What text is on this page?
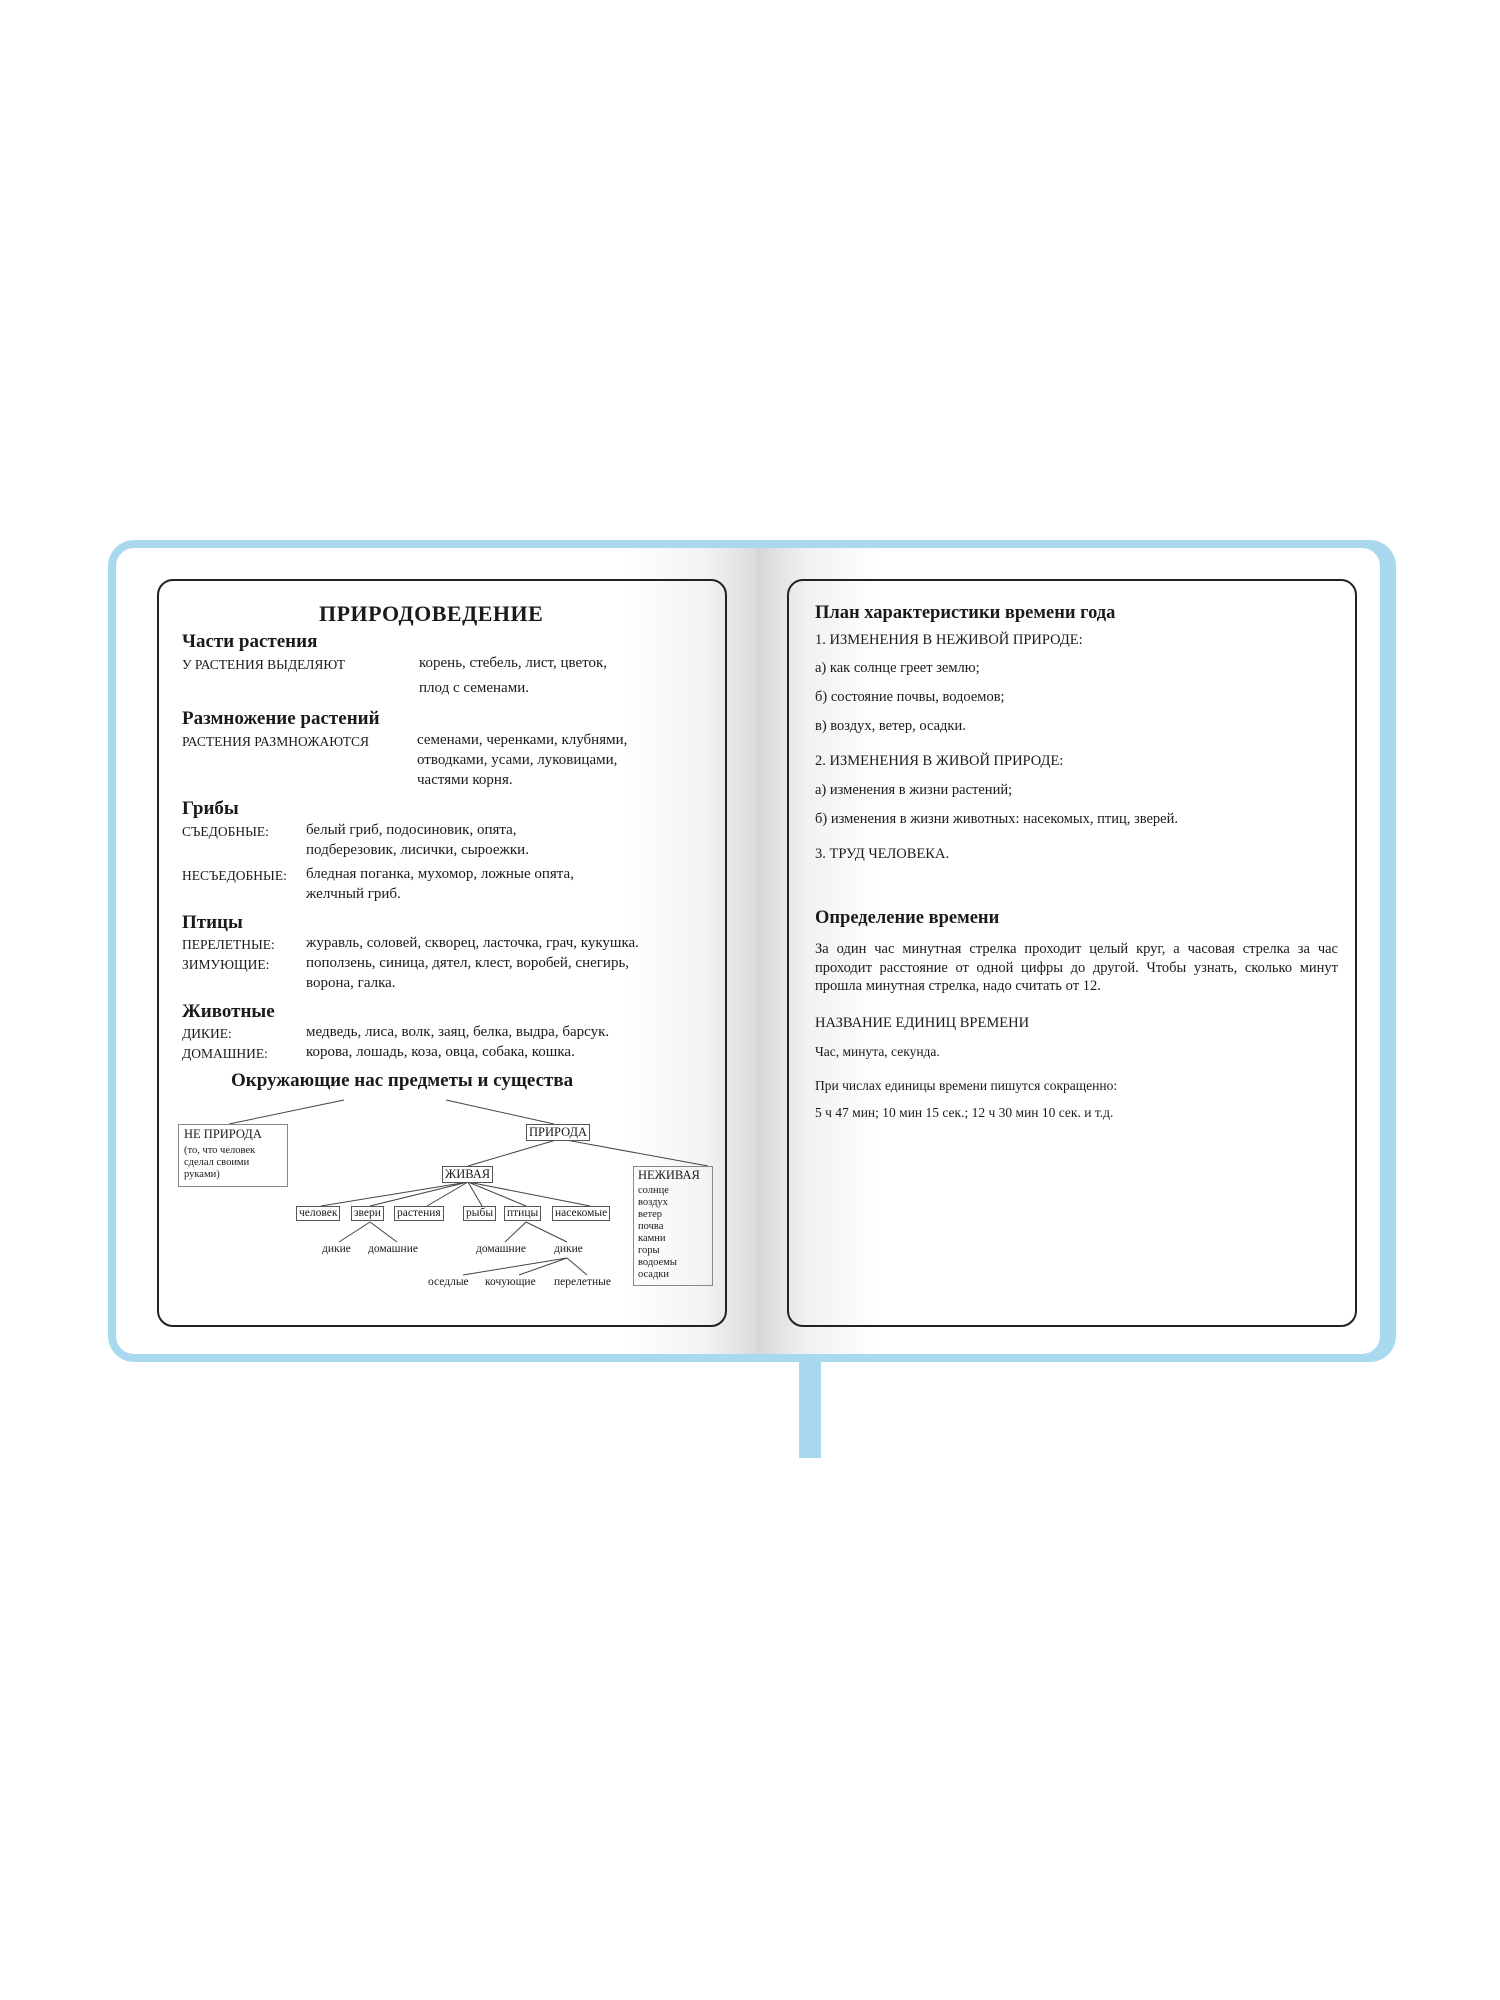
ПРИРОДОВЕДЕНИЕ
Части растения
У РАСТЕНИЯ ВЫДЕЛЯЮТ	корень, стебель, лист, цветок,
плод с семенами.
Размножение растений
РАСТЕНИЯ РАЗМНОЖАЮТСЯ	семенами, черенками, клубнями,
отводками, усами, луковицами,
частями корня.
Грибы
СЪЕДОБНЫЕ: белый гриб, подосиновик, опята,
подберезовик, лисички, сыроежки.
НЕСЪЕДОБНЫЕ: бледная поганка, мухомор, ложные опята,
желчный гриб.
Птицы
ПЕРЕЛЕТНЫЕ: журавль, соловей, скворец, ласточка, грач, кукушка.
ЗИМУЮЩИЕ: поползень, синица, дятел, клест, воробей, снегирь,
ворона, галка.
Животные
ДИКИЕ:	медведь, лиса, волк, заяц, белка, выдра, барсук.
ДОМАШНИЕ:	корова, лошадь, коза, овца, собака, кошка.
Окружающие нас предметы и существа
НЕ ПРИРОДА
(то, что человек
сделал своими
руками)
ПРИРОДА
ЖИВАЯ	НЕЖИВАЯ
солнце
воздух
ветер
почва
камни
горы
водоемы
осадки
человек звери растения рыбы птицы насекомые
дикие домашние	домашние дикие
оседлые кочующие перелетные
План характеристики времени года
1. ИЗМЕНЕНИЯ В НЕЖИВОЙ ПРИРОДЕ:
а) как солнце греет землю;
б) состояние почвы, водоемов;
в) воздух, ветер, осадки.
2. ИЗМЕНЕНИЯ В ЖИВОЙ ПРИРОДЕ:
а) изменения в жизни растений;
б) изменения в жизни животных: насекомых, птиц, зверей.
3. ТРУД ЧЕЛОВЕКА.
Определение времени
За один час минутная стрелка проходит целый круг, а часовая стрелка за час проходит расстояние от одной цифры до другой. Чтобы узнать, сколько минут прошла минутная стрелка, надо считать от 12.
НАЗВАНИЕ ЕДИНИЦ ВРЕМЕНИ
Час, минута, секунда.
При числах единицы времени пишутся сокращенно:
5 ч 47 мин; 10 мин 15 сек.; 12 ч 30 мин 10 сек. и т.д.
